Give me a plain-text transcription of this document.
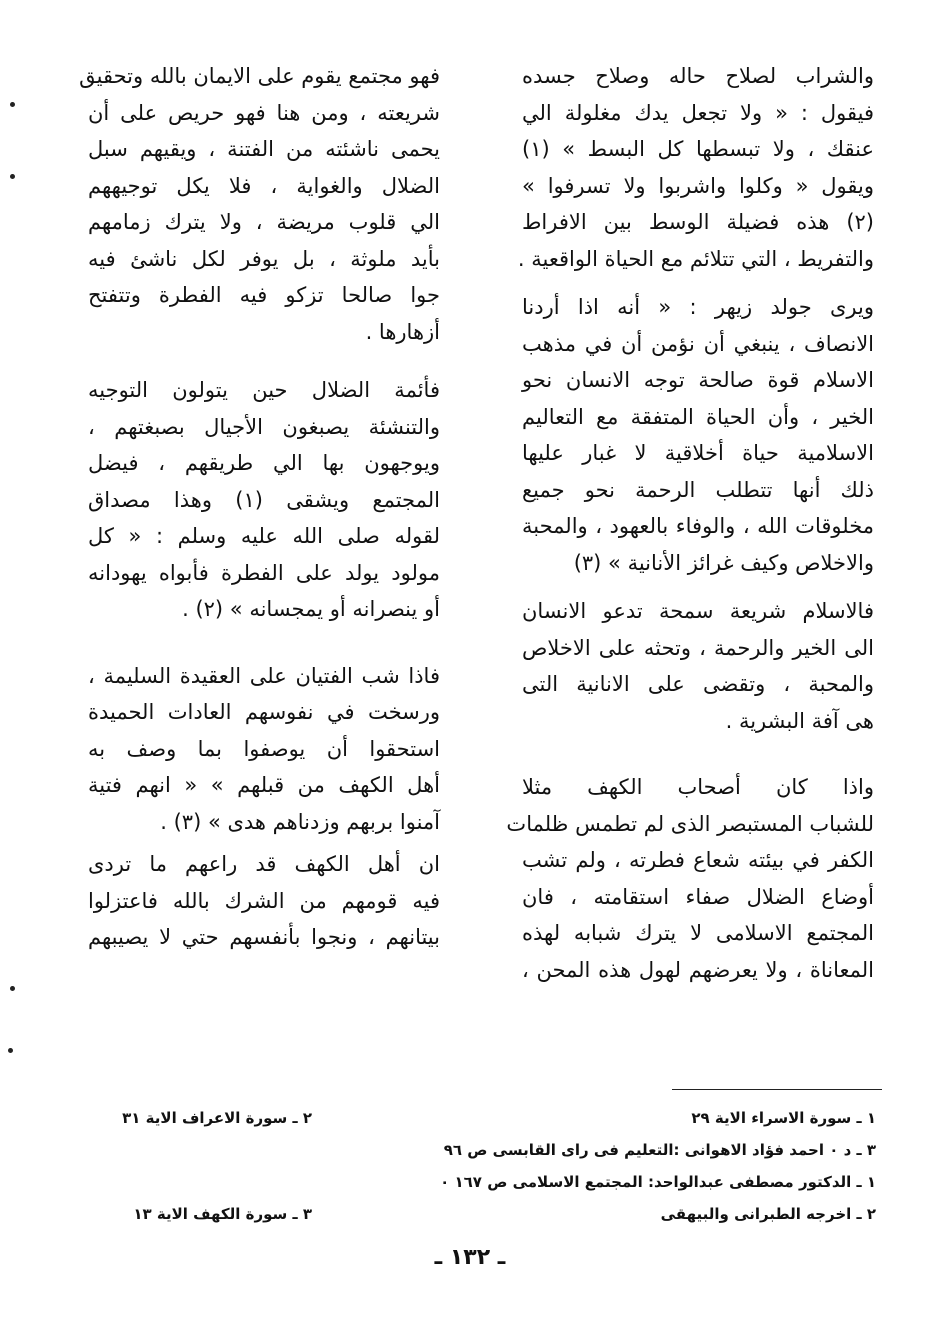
والشراب لصلاح حاله وصلاح جسده
فيقول : « ولا تجعل يدك مغلولة الي
عنقك ، ولا تبسطها كل البسط » (١)
ويقول « وكلوا واشربوا ولا تسرفوا »
(٢) هذه فضيلة الوسط بين الافراط
والتفريط ، التي تتلائم مع الحياة الواقعية .
ويرى جولد زيهر : « أنه اذا أردنا
الانصاف ، ينبغي أن نؤمن أن في مذهب
الاسلام قوة صالحة توجه الانسان نحو
الخير ، وأن الحياة المتفقة مع التعاليم
الاسلامية حياة أخلاقية لا غبار عليها
ذلك أنها تتطلب الرحمة نحو جميع
مخلوقات الله ، والوفاء بالعهود ، والمحبة
والاخلاص وكيف غرائز الأنانية » (٣)
فالاسلام شريعة سمحة تدعو الانسان
الى الخير والرحمة ، وتحثه على الاخلاص
والمحبة ، وتقضى على الانانية التى
هى آفة البشرية .
واذا كان أصحاب الكهف مثلا
للشباب المستبصر الذى لم تطمس ظلمات
الكفر في بيئته شعاع فطرته ، ولم تشب
أوضاع الضلال صفاء استقامته ، فان
المجتمع الاسلامى لا يترك شبابه لهذه
المعاناة ، ولا يعرضهم لهول هذه المحن ،
فهو مجتمع يقوم على الايمان بالله وتحقيق
شريعته ، ومن هنا فهو حريص على أن
يحمى ناشئته من الفتنة ، ويقيهم سبل
الضلال والغواية ، فلا يكل توجيههم
الي قلوب مريضة ، ولا يترك زمامهم
بأيد ملوثة ، بل يوفر لكل ناشئ فيه
جوا صالحا تزكو فيه الفطرة وتتفتح
أزهارها .
فأئمة الضلال حين يتولون التوجيه
والتنشئة يصبغون الأجيال بصبغتهم ،
ويوجهون بها الي طريقهم ، فيضل
المجتمع ويشقى (١) وهذا مصداق
لقوله صلى الله عليه وسلم : « كل
مولود يولد على الفطرة فأبواه يهودانه
أو ينصرانه أو يمجسانه » (٢) .
فاذا شب الفتيان على العقيدة السليمة ،
ورسخت في نفوسهم العادات الحميدة
استحقوا أن يوصفوا بما وصف به
أهل الكهف من قبلهم » « انهم فتية
آمنوا بربهم وزدناهم هدى » (٣) .
ان أهل الكهف قد راعهم ما تردى
فيه قومهم من الشرك بالله فاعتزلوا
بيتانهم ، ونجوا بأنفسهم حتي لا يصيبهم
١ ـ سورة الاسراء الاية ٢٩
٢ ـ سورة الاعراف الاية ٣١
٣ ـ د ٠ احمد فؤاد الاهوانى :التعليم فى راى القابسى ص ٩٦
١ ـ الدكتور مصطفى عبدالواحد: المجتمع الاسلامى ص ١٦٧ ٠
٢ ـ اخرجه الطبرانى والبيهقى
٣ ـ سورة الكهف الاية ١٣
ـ ١٣٢ ـ
